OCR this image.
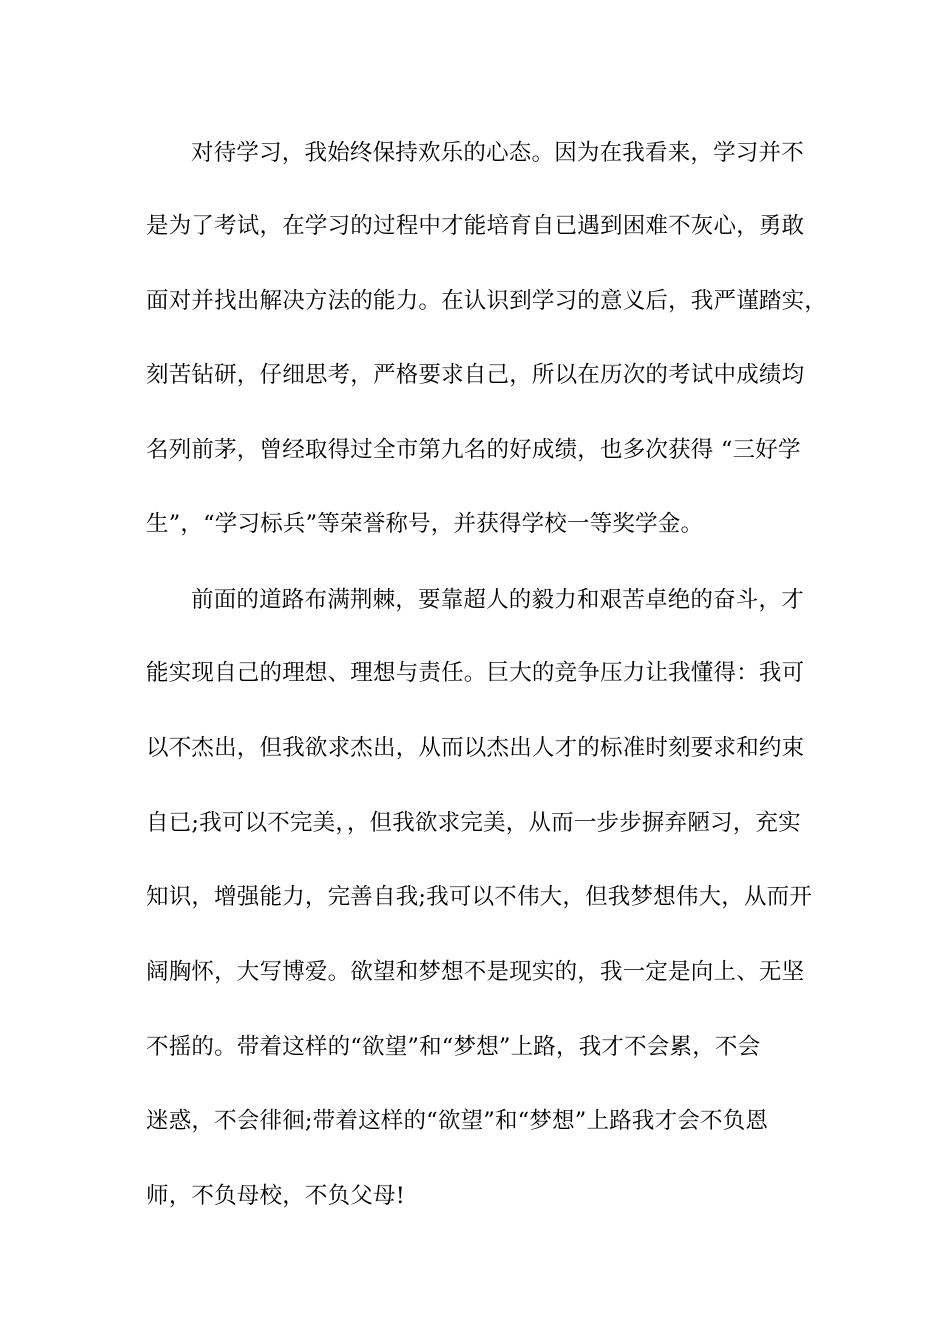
对待学习，我始终保持欢乐的心态。因为在我看来，学习并不
是为了考试，在学习的过程中才能培育自已遇到困难不灰心，勇敢
面对并找出解决方法的能力。在认识到学习的意义后，我严谨踏实，
刻苦钻研，仔细思考，严格要求自己，所以在历次的考试中成绩均
名列前茅，曾经取得过全市第九名的好成绩，也多次获得 “三好学
生”，“学习标兵”等荣誉称号，并获得学校一等奖学金。
前面的道路布满荆棘，要靠超人的毅力和艰苦卓绝的奋斗，才
能实现自己的理想、理想与责任。巨大的竞争压力让我懂得：我可
以不杰出，但我欲求杰出，从而以杰出人才的标准时刻要求和约束
自已;我可以不完美，，但我欲求完美，从而一步步摒弃陋习，充实
知识，增强能力，完善自我;我可以不伟大，但我梦想伟大，从而开
阔胸怀，大写博爱。欲望和梦想不是现实的，我一定是向上、无坚
不摇的。带着这样的“欲望”和“梦想”上路，我才不会累，不会
迷惑，不会徘徊;带着这样的“欲望”和“梦想”上路我才会不负恩
师，不负母校，不负父母!
